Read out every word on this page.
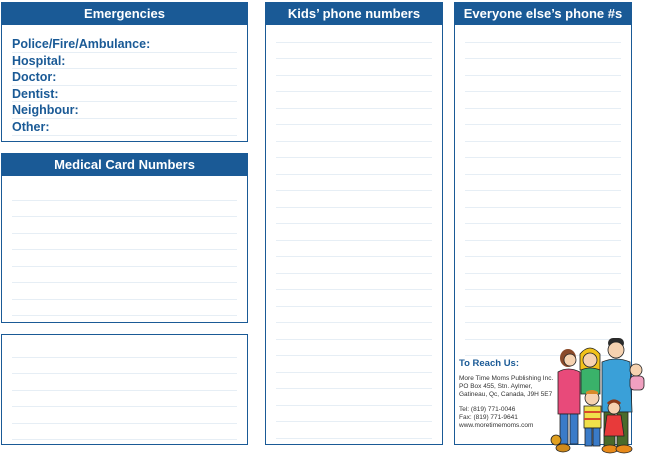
Emergencies
Police/Fire/Ambulance:
Hospital:
Doctor:
Dentist:
Neighbour:
Other:
Medical Card Numbers
Kids’ phone numbers	Everyone else’s phone #s
To Reach Us:
More Time Moms Publishing Inc.
PO Box 455, Stn. Aylmer,
Gatineau, Qc, Canada, J9H 5E7
Tel: (819) 771-0046
Fax: (819) 771-9641
www.moretimemoms.com
